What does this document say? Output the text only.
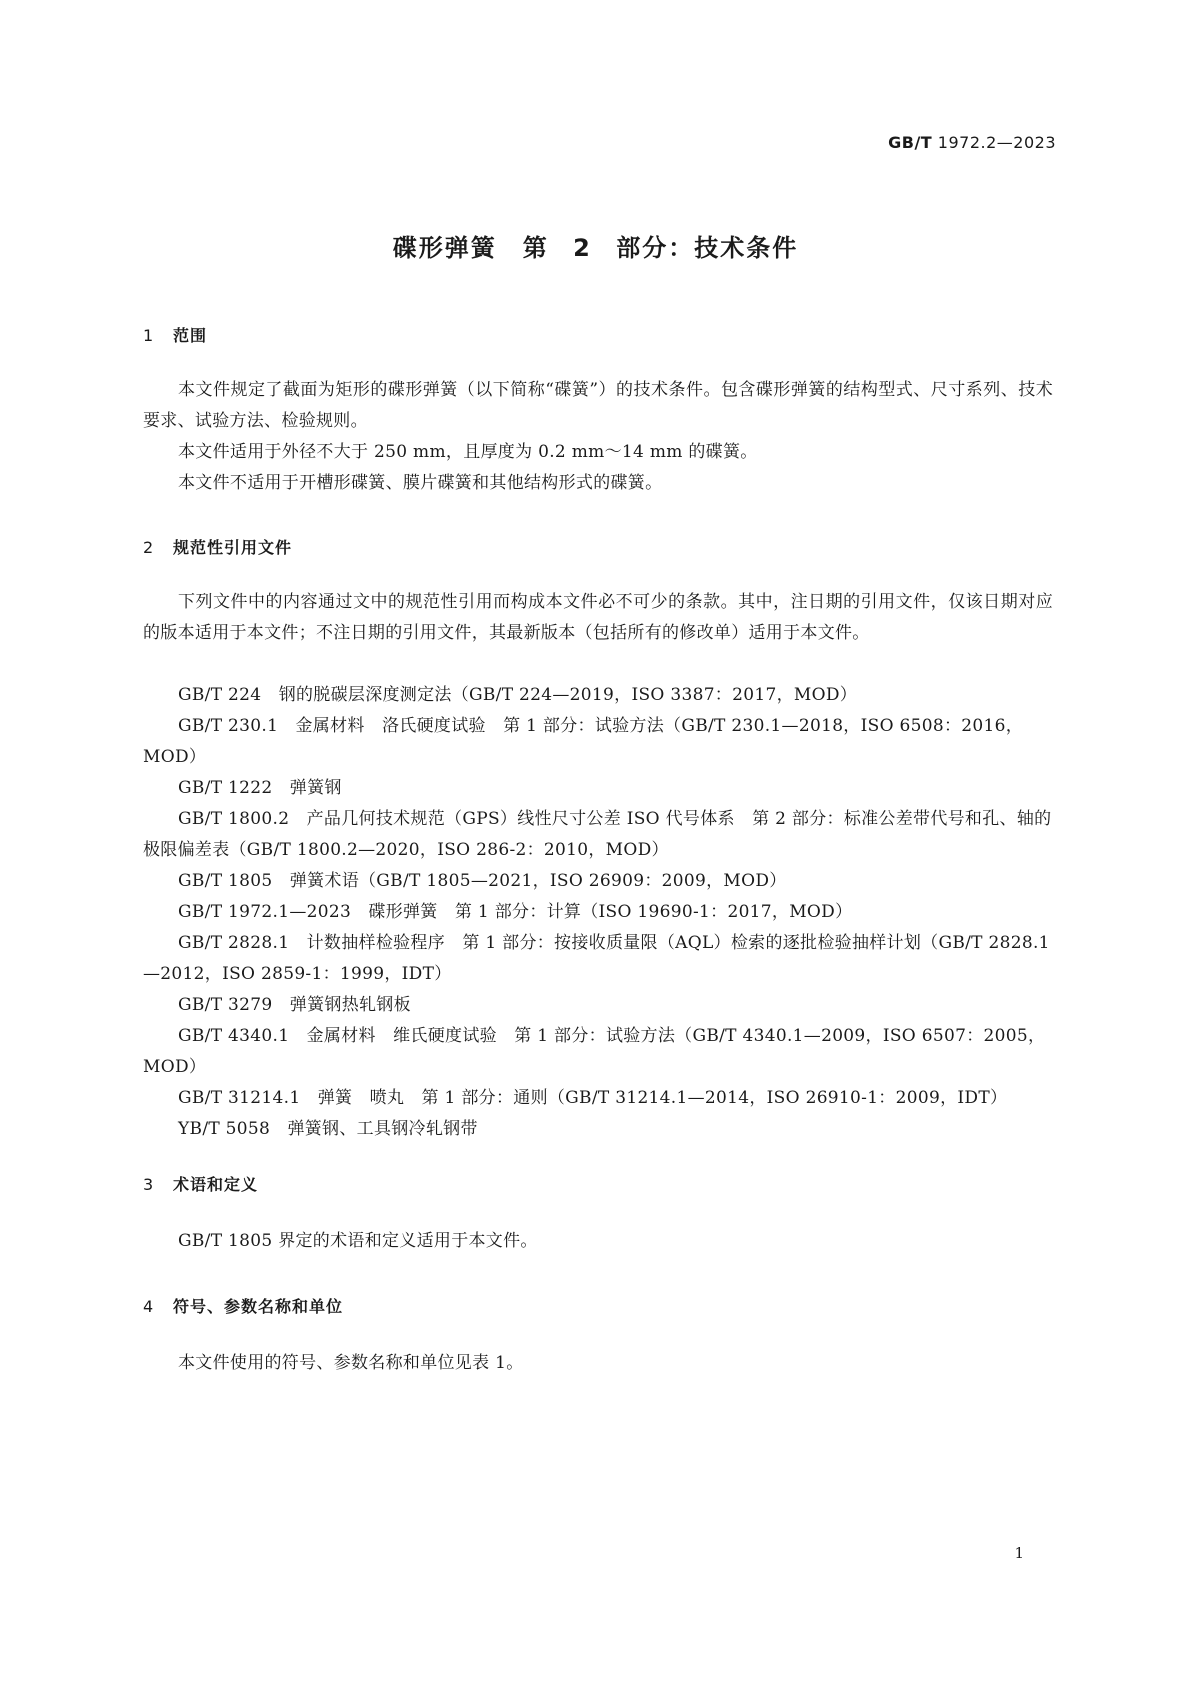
GB/T 1972.2—2023
碟形弹簧　第 2 部分：技术条件
1 范围
本文件规定了截面为矩形的碟形弹簧（以下简称“碟簧”）的技术条件。包含碟形弹簧的结构型式、尺寸系列、技术要求、试验方法、检验规则。
本文件适用于外径不大于 250 mm，且厚度为 0.2 mm～14 mm 的碟簧。
本文件不适用于开槽形碟簧、膜片碟簧和其他结构形式的碟簧。
2 规范性引用文件
下列文件中的内容通过文中的规范性引用而构成本文件必不可少的条款。其中，注日期的引用文件，仅该日期对应的版本适用于本文件；不注日期的引用文件，其最新版本（包括所有的修改单）适用于本文件。
GB/T 224　钢的脱碳层深度测定法（GB/T 224—2019，ISO 3387：2017，MOD）
GB/T 230.1　金属材料　洛氏硬度试验　第 1 部分：试验方法（GB/T 230.1—2018，ISO 6508：2016，MOD）
GB/T 1222　弹簧钢
GB/T 1800.2　产品几何技术规范（GPS）线性尺寸公差 ISO 代号体系　第 2 部分：标准公差带代号和孔、轴的极限偏差表（GB/T 1800.2—2020，ISO 286-2：2010，MOD）
GB/T 1805　弹簧术语（GB/T 1805—2021，ISO 26909：2009，MOD）
GB/T 1972.1—2023　碟形弹簧　第 1 部分：计算（ISO 19690-1：2017，MOD）
GB/T 2828.1　计数抽样检验程序　第 1 部分：按接收质量限（AQL）检索的逐批检验抽样计划（GB/T 2828.1—2012，ISO 2859-1：1999，IDT）
GB/T 3279　弹簧钢热轧钢板
GB/T 4340.1　金属材料　维氏硬度试验　第 1 部分：试验方法（GB/T 4340.1—2009，ISO 6507：2005，MOD）
GB/T 31214.1　弹簧　喷丸　第 1 部分：通则（GB/T 31214.1—2014，ISO 26910-1：2009，IDT）
YB/T 5058　弹簧钢、工具钢冷轧钢带
3 术语和定义
GB/T 1805 界定的术语和定义适用于本文件。
4 符号、参数名称和单位
本文件使用的符号、参数名称和单位见表 1。
1
